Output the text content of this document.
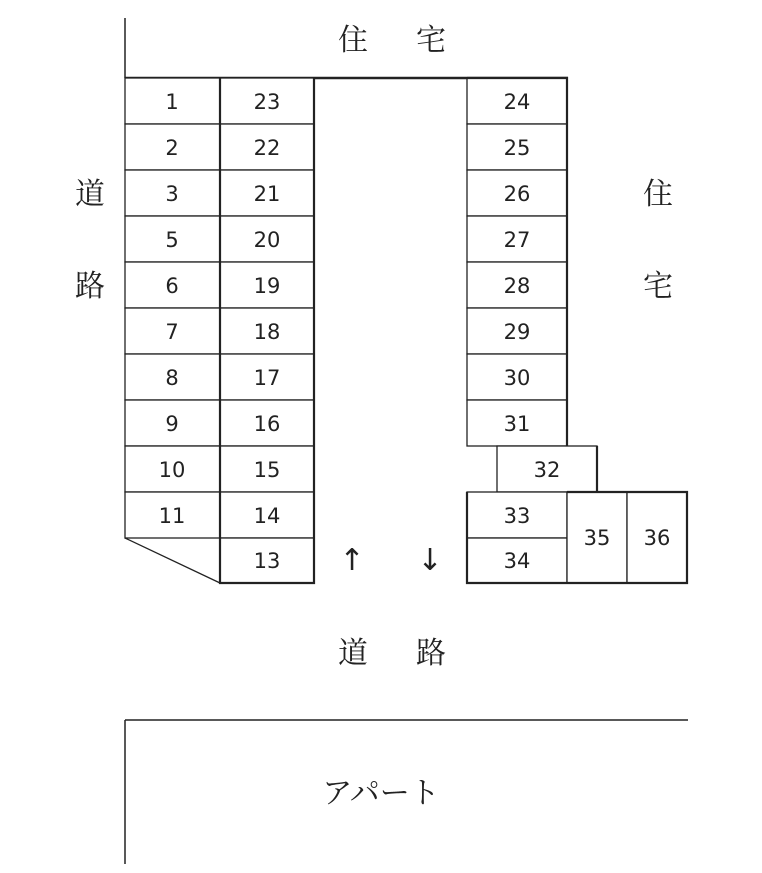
住 宅
道
路
住
宅
1
2
3
5
6
7
8
9
10
11
23
22
21
20
19
18
17
16
15
14
13
24
25
26
27
28
29
30
31
32
33
34
35 36
↑ ↓
道 路
アパート
